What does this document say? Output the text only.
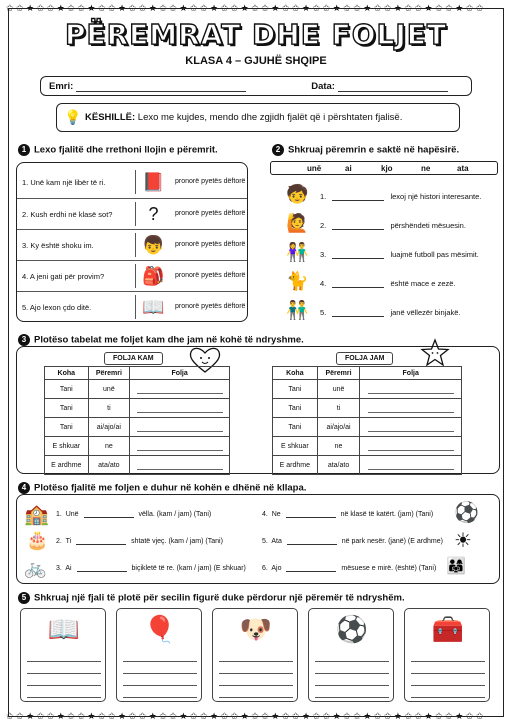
✩ ✩ ★ ✩ ✩ ★ ✩ ✩ ★ ✩ ✩ ★ ✩ ✩ ★ ✩ ✩ ★ ✩ ✩ ★ ✩ ✩ ★ ✩ ✩ ★ ✩ ✩ ★ ✩ ✩ ★ ✩ ✩ ★ ✩ ✩ ★ ✩ ✩ ★ ✩ ✩ ★ ✩ ✩
✩ ✩ ★ ✩ ✩ ★ ✩ ✩ ★ ✩ ✩ ★ ✩ ✩ ★ ✩ ✩ ★ ✩ ✩ ★ ✩ ✩ ★ ✩ ✩ ★ ✩ ✩ ★ ✩ ✩ ★ ✩ ✩ ★ ✩ ✩ ★ ✩ ✩ ★ ✩ ✩ ★ ✩ ✩
PËREMRAT DHE FOLJET
KLASA 4 – GJUHË SHQIPE
Emri:	Data:
💡 KËSHILLË: Lexo me kujdes, mendo dhe zgjidh fjalët që i përshtaten fjalisë.
1 Lexo fjalitë dhe rrethoni llojin e përemrit.
1. Unë kam një libër të ri.	📕	pronorë pyetës dëftorë
2. Kush erdhi në klasë sot?	?	pronorë pyetës dëftorë
3. Ky është shoku im.	👦	pronorë pyetës dëftorë
4. A jeni gati për provim?	🎒	pronorë pyetës dëftorë
5. Ajo lexon çdo ditë.	📖	pronorë pyetës dëftorë
2 Shkruaj përemrin e saktë në hapësirë.
unë	ai	kjo	ne	ata
🧒 1.	lexoj një histori interesante.
🙋 2.	përshëndeti mësuesin.
👫 3.	luajmë futboll pas mësimit.
🐈 4.	është mace e zezë.
👬 5.	janë vëllezër binjakë.
3 Plotëso tabelat me foljet kam dhe jam në kohë të ndryshme.
FOLJA KAM
Koha	Përemri	Folja
Tani	unë	

Tani	ti	

Tani	ai/ajo/ai	

E shkuar	ne	

E ardhme	ata/ato	
FOLJA JAM
Koha	Përemri	Folja
Tani	unë	

Tani	ti	

Tani	ai/ajo/ai	

E shkuar	ne	

E ardhme	ata/ato	
4 Plotëso fjalitë me foljen e duhur në kohën e dhënë në kllapa.
1. Unë	vëlla. (kam / jam) (Tani)
2. Ti	shtatë vjeç. (kam / jam) (Tani)
3. Ai	biçikletë të re. (kam / jam) (E shkuar)
4. Ne	në klasë të katërt. (jam) (Tani)
5. Ata	në park nesër. (janë) (E ardhme)
6. Ajo	mësuese e mirë. (është) (Tani)
🏫
🎂
🚲
⚽
☀
👨‍👩‍👧
5 Shkruaj një fjali të plotë për secilin figurë duke përdorur një përemër të ndryshëm.
📖	🎈	🐶	⚽	🧰
